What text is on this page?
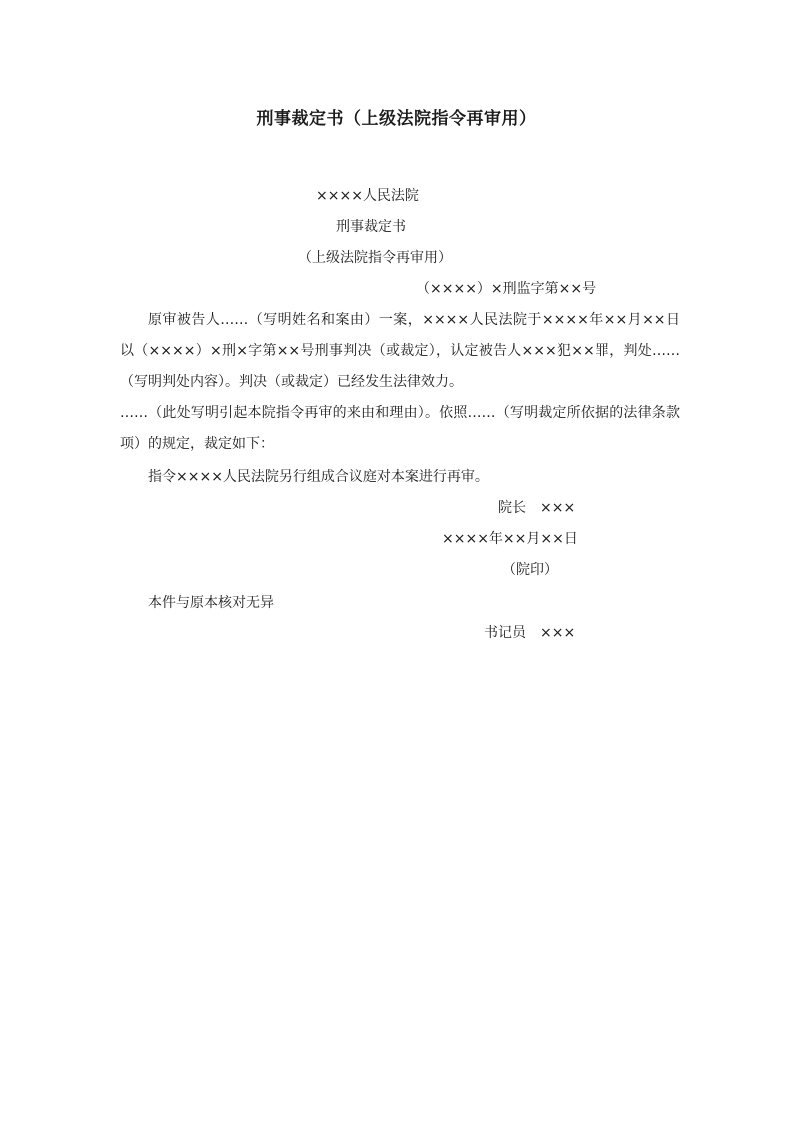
刑事裁定书（上级法院指令再审用）
××××人民法院
刑事裁定书
（上级法院指令再审用）
（××××）×刑监字第××号
原审被告人……（写明姓名和案由）一案，××××人民法院于××××年××月××日以（××××）×刑×字第××号刑事判决（或裁定），认定被告人×××犯××罪，判处……（写明判处内容）。判决（或裁定）已经发生法律效力。
……（此处写明引起本院指令再审的来由和理由）。依照……（写明裁定所依据的法律条款项）的规定，裁定如下：
指令××××人民法院另行组成合议庭对本案进行再审。
院长　×××
××××年××月××日
（院印）
本件与原本核对无异
书记员　×××
